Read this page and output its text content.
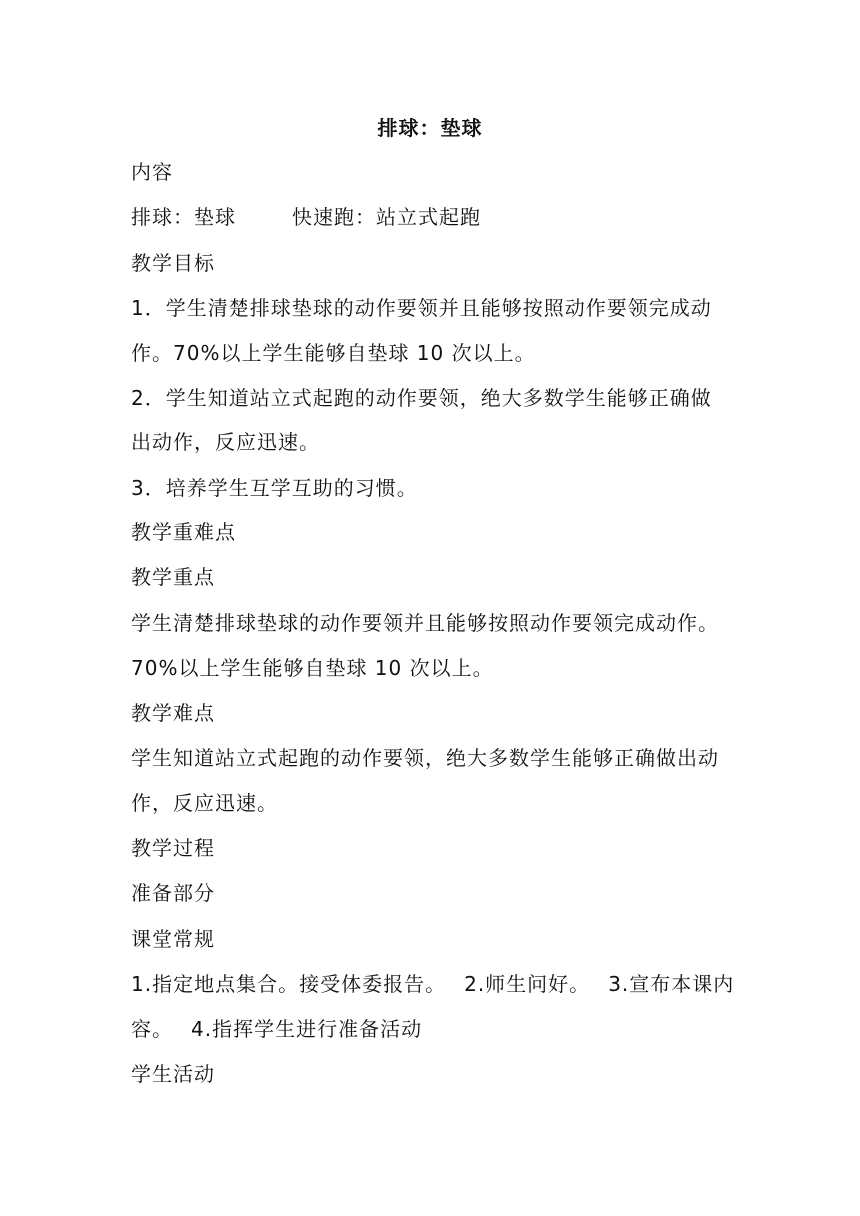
排球：垫球
内容
排球：垫球	快速跑：站立式起跑
教学目标
1．学生清楚排球垫球的动作要领并且能够按照动作要领完成动
作。70%以上学生能够自垫球 10 次以上。
2．学生知道站立式起跑的动作要领，绝大多数学生能够正确做
出动作，反应迅速。
3．培养学生互学互助的习惯。
教学重难点
教学重点
学生清楚排球垫球的动作要领并且能够按照动作要领完成动作。
70%以上学生能够自垫球 10 次以上。
教学难点
学生知道站立式起跑的动作要领，绝大多数学生能够正确做出动
作，反应迅速。
教学过程
准备部分
课堂常规
1.指定地点集合。接受体委报告。 2.师生问好。 3.宣布本课内
容。 4.指挥学生进行准备活动
学生活动
